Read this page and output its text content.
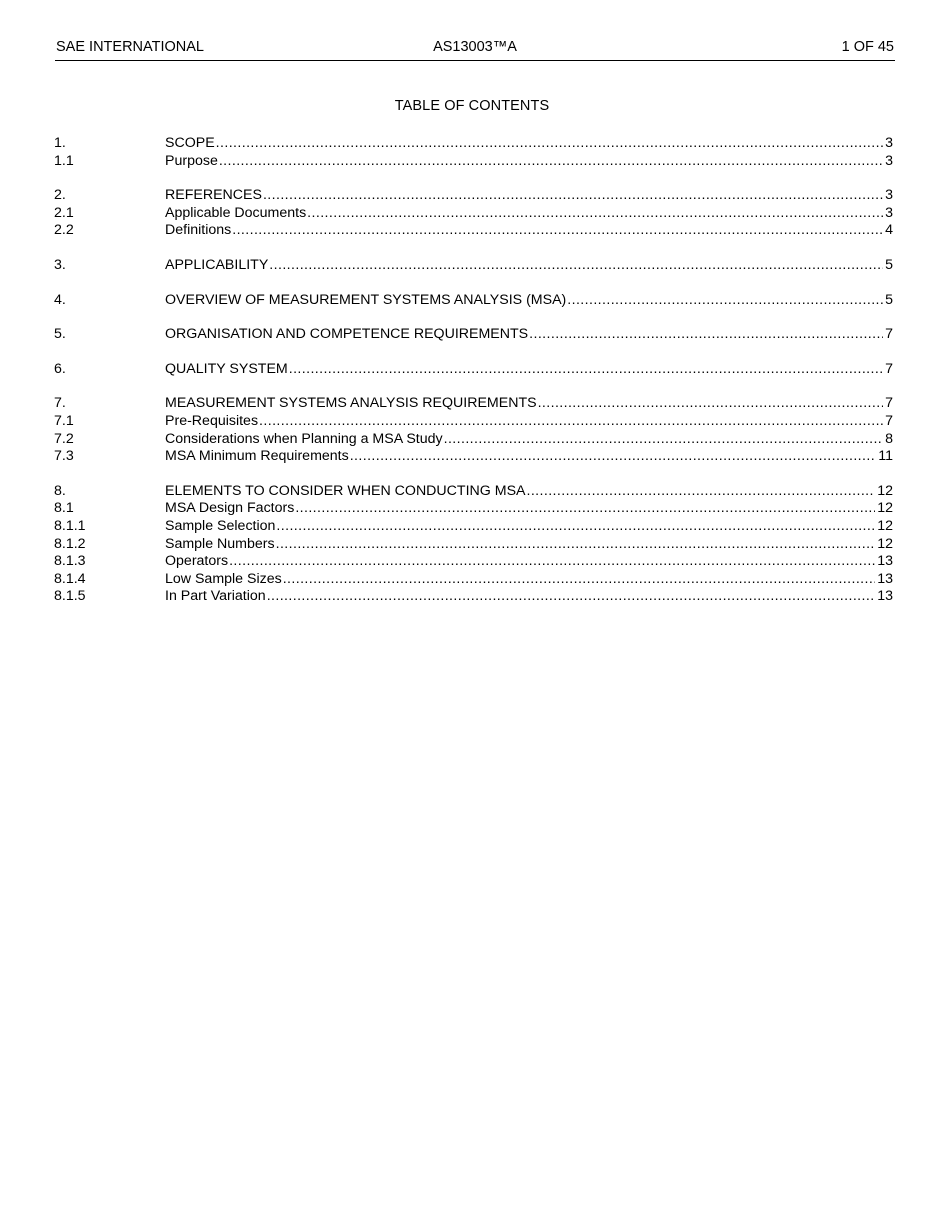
SAE INTERNATIONAL	AS13003™A	1 OF 45
TABLE OF CONTENTS
1.	SCOPE .....	3
1.1	Purpose .....	3
2.	REFERENCES .....	3
2.1	Applicable Documents .....	3
2.2	Definitions .....	4
3.	APPLICABILITY .....	5
4.	OVERVIEW OF MEASUREMENT SYSTEMS ANALYSIS (MSA) .....	5
5.	ORGANISATION AND COMPETENCE REQUIREMENTS .....	7
6.	QUALITY SYSTEM .....	7
7.	MEASUREMENT SYSTEMS ANALYSIS REQUIREMENTS .....	7
7.1	Pre-Requisites .....	7
7.2	Considerations when Planning a MSA Study .....	8
7.3	MSA Minimum Requirements .....	11
8.	ELEMENTS TO CONSIDER WHEN CONDUCTING MSA .....	12
8.1	MSA Design Factors .....	12
8.1.1	Sample Selection .....	12
8.1.2	Sample Numbers .....	12
8.1.3	Operators .....	13
8.1.4	Low Sample Sizes .....	13
8.1.5	In Part Variation .....	13
